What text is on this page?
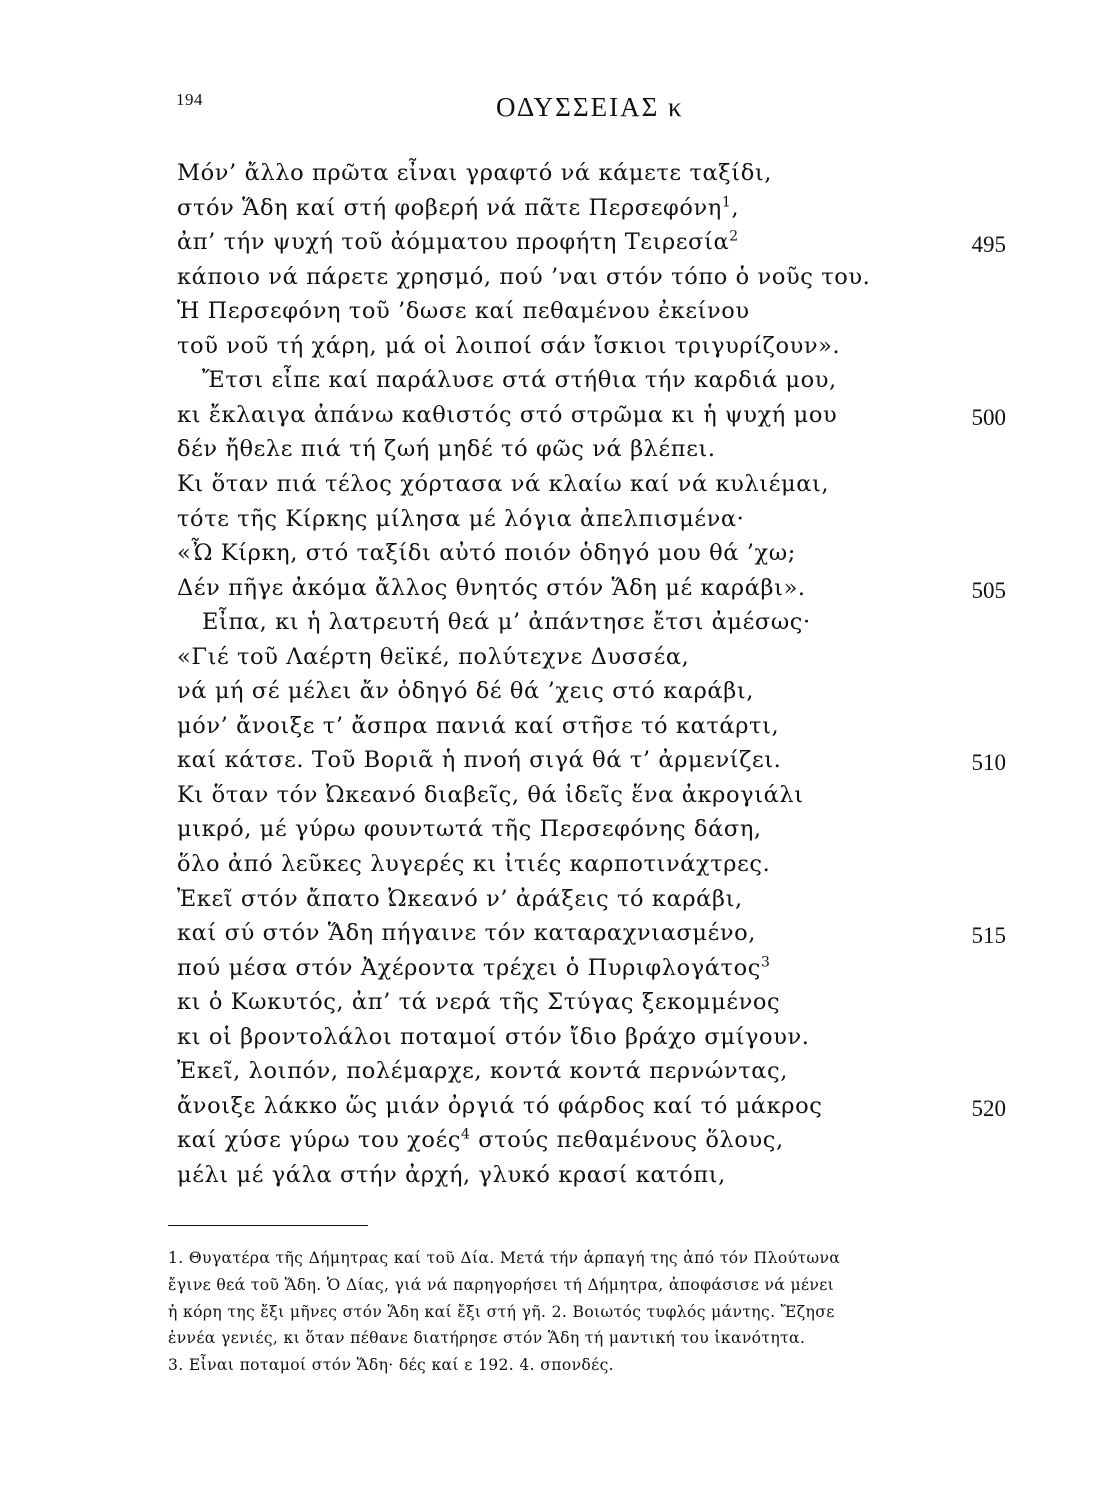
194	ΟΔΥΣΣΕΙΑΣ κ
Μόν’ ἄλλο πρῶτα εἶναι γραφτό νά κάμετε ταξίδι,
στόν Ἅδη καί στή φοβερή νά πᾶτε Περσεφόνη$^1$,
ἀπ’ τήν ψυχή τοῦ ἀόμματου προφήτη Τειρεσία$^2$	495
κάποιο νά πάρετε χρησμό, πού ’ναι στόν τόπο ὁ νοῦς του.
Ἡ Περσεφόνη τοῦ ’δωσε καί πεθαμένου ἐκείνου
τοῦ νοῦ τή χάρη, μά οἱ λοιποί σάν ἴσκιοι τριγυρίζουν».
Ἔτσι εἶπε καί παράλυσε στά στήθια τήν καρδιά μου,
κι ἔκλαιγα ἀπάνω καθιστός στό στρῶμα κι ἡ ψυχή μου	500
δέν ἤθελε πιά τή ζωή μηδέ τό φῶς νά βλέπει.
Κι ὅταν πιά τέλος χόρτασα νά κλαίω καί νά κυλιέμαι,
τότε τῆς Κίρκης μίλησα μέ λόγια ἀπελπισμένα·
«Ὦ Κίρκη, στό ταξίδι αὐτό ποιόν ὁδηγό μου θά ’χω;
Δέν πῆγε ἀκόμα ἄλλος θνητός στόν Ἅδη μέ καράβι».	505
Εἶπα, κι ἡ λατρευτή θεά μ’ ἀπάντησε ἔτσι ἀμέσως·
«Γιέ τοῦ Λαέρτη θεϊκέ, πολύτεχνε Δυσσέα,
νά μή σέ μέλει ἄν ὁδηγό δέ θά ’χεις στό καράβι,
μόν’ ἄνοιξε τ’ ἄσπρα πανιά καί στῆσε τό κατάρτι,
καί κάτσε. Τοῦ Βοριᾶ ἡ πνοή σιγά θά τ’ ἀρμενίζει.	510
Κι ὅταν τόν Ὠκεανό διαβεῖς, θά ἰδεῖς ἕνα ἀκρογιάλι
μικρό, μέ γύρω φουντωτά τῆς Περσεφόνης δάση,
ὅλο ἀπό λεῦκες λυγερές κι ἰτιές καρποτινάχτρες.
Ἐκεῖ στόν ἄπατο Ὠκεανό ν’ ἀράξεις τό καράβι,
καί σύ στόν Ἅδη πήγαινε τόν καταραχνιασμένο,	515
πού μέσα στόν Ἀχέροντα τρέχει ὁ Πυριφλογάτος$^3$
κι ὁ Κωκυτός, ἀπ’ τά νερά τῆς Στύγας ξεκομμένος
κι οἱ βροντολάλοι ποταμοί στόν ἴδιο βράχο σμίγουν.
Ἐκεῖ, λοιπόν, πολέμαρχε, κοντά κοντά περνώντας,
ἄνοιξε λάκκο ὥς μιάν ὀργιά τό φάρδος καί τό μάκρος	520
καί χύσε γύρω του χοές$^4$ στούς πεθαμένους ὅλους,
μέλι μέ γάλα στήν ἀρχή, γλυκό κρασί κατόπι,
1. Θυγατέρα τῆς Δήμητρας καί τοῦ Δία. Μετά τήν ἁρπαγή της ἀπό τόν Πλούτωνα
ἔγινε θεά τοῦ Ἅδη. Ὁ Δίας, γιά νά παρηγορήσει τή Δήμητρα, ἀποφάσισε νά μένει
ἡ κόρη της ἔξι μῆνες στόν Ἅδη καί ἔξι στή γῆ. 2. Βοιωτός τυφλός μάντης. Ἔζησε
ἐννέα γενιές, κι ὅταν πέθανε διατήρησε στόν Ἅδη τή μαντική του ἱκανότητα.
3. Εἶναι ποταμοί στόν Ἅδη· δές καί ε 192. 4. σπονδές.
